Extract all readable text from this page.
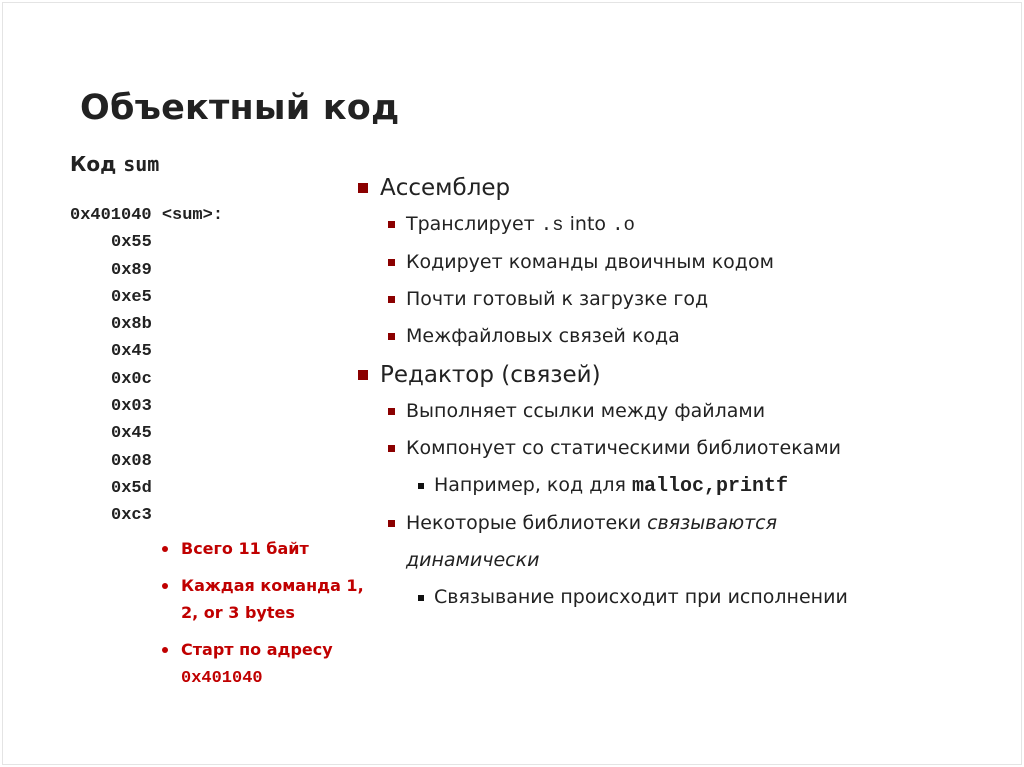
Объектный код
Код sum
0x401040 <sum>:
0x55
0x89
0xe5
0x8b
0x45
0x0c
0x03
0x45
0x08
0x5d
0xc3
Всего 11 байт
Каждая команда 1, 2, or 3 bytes
Старт по адресу
0x401040
Ассемблер
Транслирует .s into .o
Кодирует команды двоичным кодом
Почти готовый к загрузке год
Межфайловых связей кода
Редактор (связей)
Выполняет ссылки между файлами
Компонует со статическими библиотеками
Например, код для malloc,printf
Некоторые библиотеки связываются
динамически
Связывание происходит при исполнении
